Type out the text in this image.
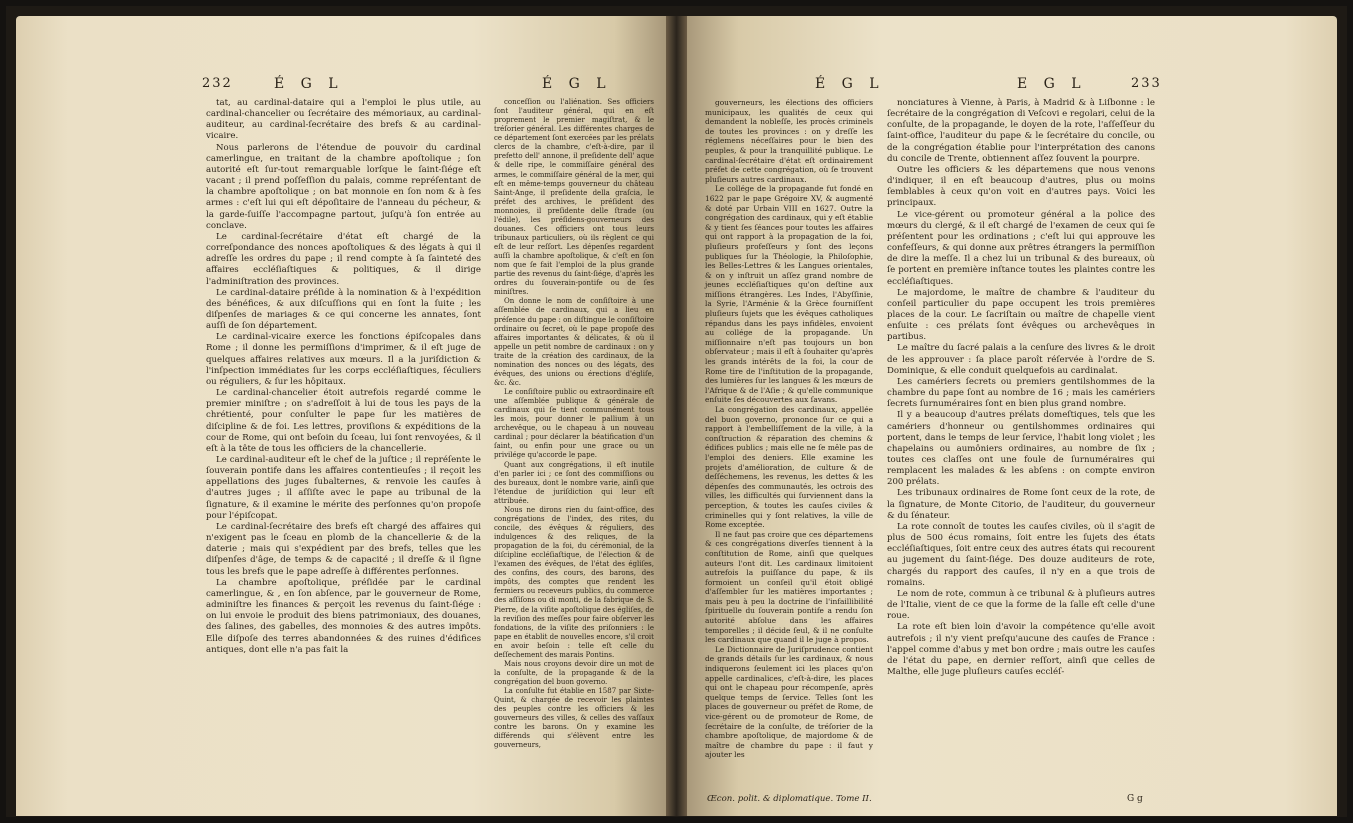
232	É G L	É G L

tat, au cardinal-dataire qui a l'emploi le plus utile, au cardinal-chancelier ou ſecrétaire des mémoriaux, au cardinal-auditeur, au cardinal-ſecrétaire des brefs & au cardinal-vicaire.

Nous parlerons de l'étendue de pouvoir du cardinal camerlingue, en traitant de la chambre apoſtolique ; ſon autorité eſt ſur-tout remarquable lorſque le ſaint-ſiége eſt vacant ; il prend poſſeſſion du palais, comme repréſentant de la chambre apoſtolique ; on bat monnoie en ſon nom & à ſes armes : c'eſt lui qui eſt dépoſitaire de l'anneau du pécheur, & la garde-ſuiſſe l'accompagne partout, juſqu'à ſon entrée au conclave.

Le cardinal-ſecrétaire d'état eſt chargé de la correſpondance des nonces apoſtoliques & des légats à qui il adreſſe les ordres du pape ; il rend compte à ſa ſainteté des affaires eccléſiaſtiques & politiques, & il dirige l'adminiſtration des provinces.

Le cardinal-dataire préſide à la nomination & à l'expédition des bénéfices, & aux diſcuſſions qui en ſont la ſuite ; les diſpenſes de mariages & ce qui concerne les annates, ſont auſſi de ſon département.

Le cardinal-vicaire exerce les fonctions épiſcopales dans Rome ; il donne les permiſſions d'imprimer, & il eſt juge de quelques affaires relatives aux mœurs. Il a la juriſdiction & l'inſpection immédiates ſur les corps eccléſiaſtiques, ſéculiers ou réguliers, & ſur les hôpitaux.

Le cardinal-chancelier étoit autrefois regardé comme le premier miniſtre ; on s'adreſſoit à lui de tous les pays de la chrétienté, pour conſulter le pape ſur les matières de diſcipline & de foi. Les lettres, proviſions & expéditions de la cour de Rome, qui ont beſoin du ſceau, lui ſont renvoyées, & il eſt à la tête de tous les officiers de la chancellerie.

Le cardinal-auditeur eſt le chef de la juſtice ; il repréſente le ſouverain pontife dans les affaires contentieuſes ; il reçoit les appellations des juges ſubalternes, & renvoie les cauſes à d'autres juges ; il aſſiſte avec le pape au tribunal de la ſignature, & il examine le mérite des perſonnes qu'on propoſe pour l'épiſcopat.

Le cardinal-ſecrétaire des brefs eſt chargé des affaires qui n'exigent pas le ſceau en plomb de la chancellerie & de la daterie ; mais qui s'expédient par des brefs, telles que les diſpenſes d'âge, de temps & de capacité ; il dreſſe & il ſigne tous les brefs que le pape adreſſe à différentes perſonnes.

La chambre apoſtolique, préſidée par le cardinal camerlingue, & , en ſon abſence, par le gouverneur de Rome, adminiſtre les finances & perçoit les revenus du ſaint-ſiége : on lui envoie le produit des biens patrimoniaux, des douanes, des ſalines, des gabelles, des monnoies & des autres impôts. Elle diſpoſe des terres abandonnées & des ruines d'édifices antiques, dont elle n'a pas fait la

conceſſion ou l'aliénation. Ses officiers ſont l'auditeur général, qui en eſt proprement le premier magiſtrat, & le tréſorier général. Les différentes charges de ce département ſont exercées par les prélats clercs de la chambre, c'eſt-à-dire, par il prefetto dell' annone, il preſidente dell' aque & delle ripe, le commiſſaire général des armes, le commiſſaire général de la mer, qui eſt en même-temps gouverneur du château Saint-Ange, il preſidente della graſcia, le préfet des archives, le préſident des monnoies, il preſidente delle ſtrade (ou l'édile), les préſidens-gouverneurs des douanes. Ces officiers ont tous leurs tribunaux particuliers, où ils règlent ce qui eſt de leur reſſort. Les dépenſes regardent auſſi la chambre apoſtolique, & c'eſt en ſon nom que ſe fait l'emploi de la plus grande partie des revenus du ſaint-ſiége, d'après les ordres du ſouverain-pontife ou de ſes miniſtres.

On donne le nom de conſiſtoire à une aſſemblée de cardinaux, qui a lieu en préſence du pape : on diſtingue le conſiſtoire ordinaire ou ſecret, où le pape propoſe des affaires importantes & délicates, & où il appelle un petit nombre de cardinaux : on y traite de la création des cardinaux, de la nomination des nonces ou des légats, des évêques, des unions ou érections d'égliſe, &c. &c.

Le conſiſtoire public ou extraordinaire eſt une aſſemblée publique & générale de cardinaux qui ſe tient communément tous les mois, pour donner le pallium à un archevêque, ou le chapeau à un nouveau cardinal ; pour déclarer la béatification d'un ſaint, ou enfin pour une grace ou un privilége qu'accorde le pape.

Quant aux congrégations, il eſt inutile d'en parler ici ; ce ſont des commiſſions ou des bureaux, dont le nombre varie, ainſi que l'étendue de juriſdiction qui leur eſt attribuée.

Nous ne dirons rien du ſaint-office, des congrégations de l'index, des rites, du concile, des évêques & réguliers, des indulgences & des reliques, de la propagation de la foi, du cérémonial, de la diſcipline eccléſiaſtique, de l'élection & de l'examen des évêques, de l'état des égliſes, des confins, des cours, des barons, des impôts, des comptes que rendent les fermiers ou receveurs publics, du commerce des aſſiſons ou di monti, de la fabrique de S. Pierre, de la viſite apoſtolique des égliſes, de la reviſion des meſſes pour faire obſerver les fondations, de la viſite des priſonniers : le pape en établit de nouvelles encore, s'il croit en avoir beſoin : telle eſt celle du deſſechement des marais Pontins.

Mais nous croyons devoir dire un mot de la conſulte, de la propagande & de la congrégation del buon governo.

La conſulte fut établie en 1587 par Sixte-Quint, & chargée de recevoir les plaintes des peuples contre les officiers & les gouverneurs des villes, & celles des vaſſaux contre les barons. On y examine les différends qui s'élèvent entre les gouverneurs,

É G L	E G L	233

gouverneurs, les élections des officiers municipaux, les qualités de ceux qui demandent la nobleſſe, les procès criminels de toutes les provinces : on y dreſſe les réglemens néceſſaires pour le bien des peuples, & pour la tranquillité publique. Le cardinal-ſecrétaire d'état eſt ordinairement préfet de cette congrégation, où ſe trouvent pluſieurs autres cardinaux.

Le collége de la propagande fut fondé en 1622 par le pape Grégoire XV, & augmenté & doté par Urbain VIII en 1627. Outre la congrégation des cardinaux, qui y eſt établie & y tient ſes ſéances pour toutes les affaires qui ont rapport à la propagation de la foi, pluſieurs profeſſeurs y ſont des leçons publiques ſur la Théologie, la Philoſophie, les Belles-Lettres & les Langues orientales, & on y inſtruit un aſſez grand nombre de jeunes eccléſiaſtiques qu'on deſtine aux miſſions étrangères. Les Indes, l'Abyſſinie, la Syrie, l'Arménie & la Grèce fourniſſent pluſieurs ſujets que les évêques catholiques répandus dans les pays infidèles, envoient au collége de la propagande. Un miſſionnaire n'eſt pas toujours un bon obſervateur ; mais il eſt à ſouhaiter qu'après les grands intérêts de la foi, la cour de Rome tire de l'inſtitution de la propagande, des lumières ſur les langues & les mœurs de l'Afrique & de l'Aſie ; & qu'elle communique enſuite ſes découvertes aux ſavans.

La congrégation des cardinaux, appellée del buon governo, prononce ſur ce qui a rapport à l'embelliſſement de la ville, à la conſtruction & réparation des chemins & édifices publics ; mais elle ne ſe mêle pas de l'emploi des deniers. Elle examine les projets d'amélioration, de culture & de deſſéchemens, les revenus, les dettes & les dépenſes des communautés, les octrois des villes, les difficultés qui ſurviennent dans la perception, & toutes les cauſes civiles & criminelles qui y ſont relatives, la ville de Rome exceptée.

Il ne faut pas croire que ces départemens & ces congrégations diverſes tiennent à la conſtitution de Rome, ainſi que quelques auteurs l'ont dit. Les cardinaux limitoient autrefois la puiſſance du pape, & ils formoient un conſeil qu'il étoit obligé d'aſſembler ſur les matières importantes ; mais peu à peu la doctrine de l'infaillibilité ſpirituelle du ſouverain pontife a rendu ſon autorité abſolue dans les affaires temporelles ; il décide ſeul, & il ne conſulte les cardinaux que quand il le juge à propos.

Le Dictionnaire de Juriſprudence contient de grands détails ſur les cardinaux, & nous indiquerons ſeulement ici les places qu'on appelle cardinalices, c'eſt-à-dire, les places qui ont le chapeau pour récompenſe, après quelque temps de ſervice. Telles ſont les places de gouverneur ou préfet de Rome, de vice-gérent ou de promoteur de Rome, de ſecrétaire de la conſulte, de tréſorier de la chambre apoſtolique, de majordome & de maître de chambre du pape : il faut y ajouter les

nonciatures à Vienne, à Paris, à Madrid & à Liſbonne : le ſecrétaire de la congrégation di Veſcovi e regolari, celui de la conſulte, de la propagande, le doyen de la rote, l'aſſeſſeur du ſaint-office, l'auditeur du pape & le ſecrétaire du concile, ou de la congrégation établie pour l'interprétation des canons du concile de Trente, obtiennent aſſez ſouvent la pourpre.

Outre les officiers & les départemens que nous venons d'indiquer, il en eſt beaucoup d'autres, plus ou moins ſemblables à ceux qu'on voit en d'autres pays. Voici les principaux.

Le vice-gérent ou promoteur général a la police des mœurs du clergé, & il eſt chargé de l'examen de ceux qui ſe préſentent pour les ordinations ; c'eſt lui qui approuve les confeſſeurs, & qui donne aux prêtres étrangers la permiſſion de dire la meſſe. Il a chez lui un tribunal & des bureaux, où ſe portent en première inſtance toutes les plaintes contre les eccléſiaſtiques.

Le majordome, le maître de chambre & l'auditeur du conſeil particulier du pape occupent les trois premières places de la cour. Le ſacriſtain ou maître de chapelle vient enſuite : ces prélats ſont évêques ou archevêques in partibus.

Le maître du ſacré palais a la cenſure des livres & le droit de les approuver : ſa place paroît réſervée à l'ordre de S. Dominique, & elle conduit quelquefois au cardinalat.

Les camériers ſecrets ou premiers gentilshommes de la chambre du pape ſont au nombre de 16 ; mais les camériers ſecrets ſurnuméraires ſont en bien plus grand nombre.

Il y a beaucoup d'autres prélats domeſtiques, tels que les camériers d'honneur ou gentilshommes ordinaires qui portent, dans le temps de leur ſervice, l'habit long violet ; les chapelains ou aumôniers ordinaires, au nombre de ſix ; toutes ces claſſes ont une foule de ſurnuméraires qui remplacent les malades & les abſens : on compte environ 200 prélats.

Les tribunaux ordinaires de Rome ſont ceux de la rote, de la ſignature, de Monte Citorio, de l'auditeur, du gouverneur & du ſénateur.

La rote connoît de toutes les cauſes civiles, où il s'agit de plus de 500 écus romains, ſoit entre les ſujets des états eccléſiaſtiques, ſoit entre ceux des autres états qui recourent au jugement du ſaint-ſiége. Des douze auditeurs de rote, chargés du rapport des cauſes, il n'y en a que trois de romains.

Le nom de rote, commun à ce tribunal & à pluſieurs autres de l'Italie, vient de ce que la forme de la ſalle eſt celle d'une roue.

La rote eſt bien loin d'avoir la compétence qu'elle avoit autrefois ; il n'y vient preſqu'aucune des cauſes de France : l'appel comme d'abus y met bon ordre ; mais outre les cauſes de l'état du pape, en dernier reſſort, ainſi que celles de Malthe, elle juge pluſieurs cauſes eccléſ-

Œcon. polit. & diplomatique. Tome II.	G g
